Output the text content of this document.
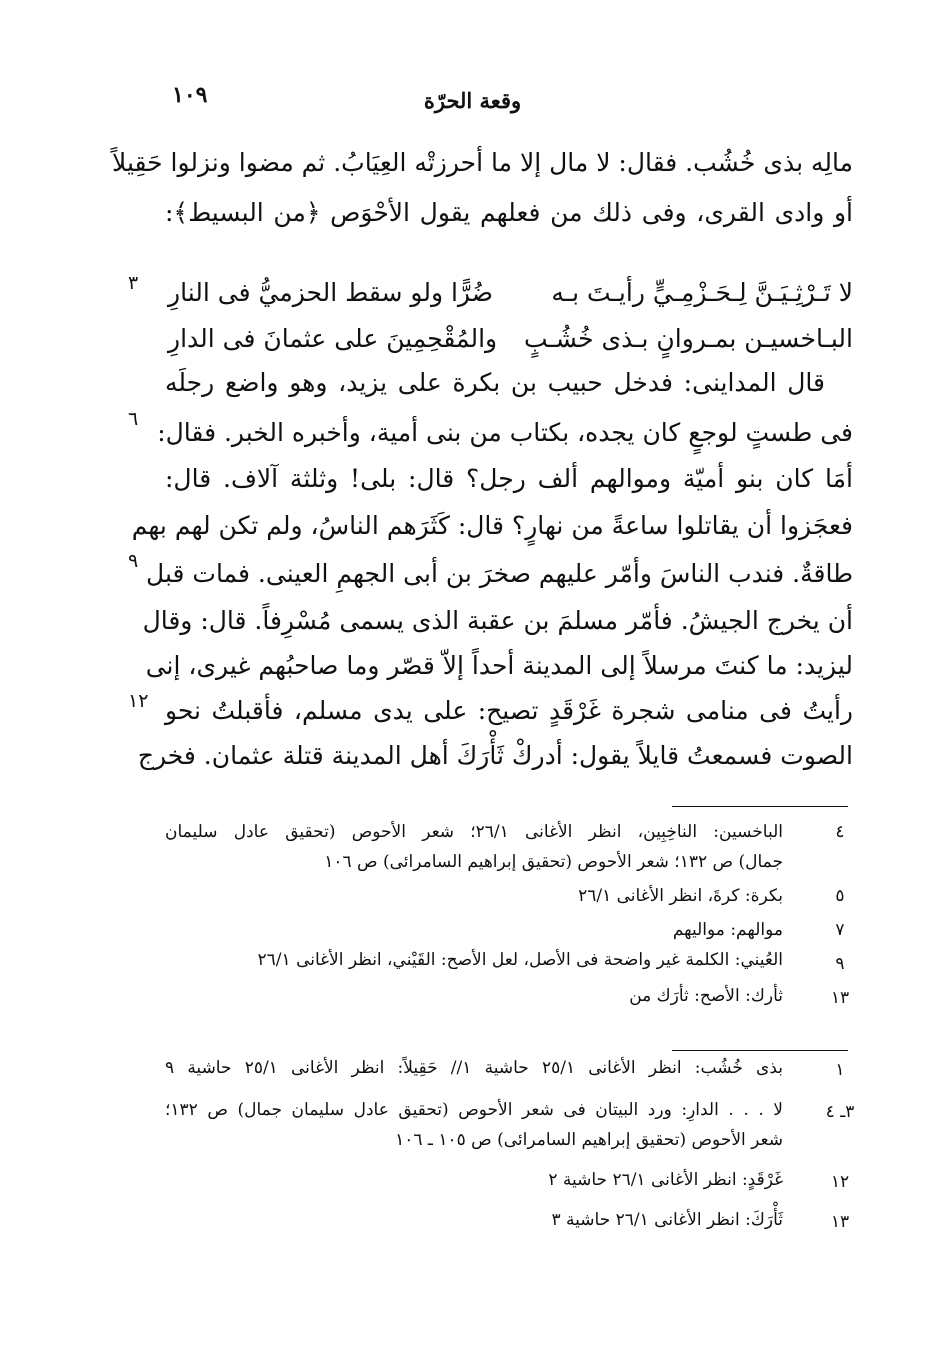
١٠٩	وقعة الحرّة
مالِه بذى خُشُب. فقال: لا مال إلا ما أحرزتْه العِيَابُ. ثم مضوا ونزلوا حَقِيلاً
أو وادى القرى، وفى ذلك من فعلهم يقول الأحْوَص ﴿من البسيط﴾:
٣	لا تَـرْثِـيَـنَّ لِـحَـزْمِـيٍّ رأيـتَ بـه
ضُرًّا ولو سقط الحزميُّ فى النارِ
البـاخسيـن بمـروانٍ بـذى خُشُـبٍ
والمُقْحِمِينَ على عثمانَ فى الدارِ
قال المداينى: فدخل حبيب بن بكرة على يزيد، وهو واضع رجلَه
٦ فى طستٍ لوجعٍ كان يجده، بكتاب من بنى أمية، وأخبره الخبر. فقال:
أمَا كان بنو أميّة وموالهم ألف رجل؟ قال: بلى! وثلثة آلاف. قال:
فعجَزوا أن يقاتلوا ساعةً من نهارٍ؟ قال: كَثَرَهم الناسُ، ولم تكن لهم بهم
٩ طاقةٌ. فندب الناسَ وأمّر عليهم صخرَ بن أبى الجهمِ العينى. فمات قبل
أن يخرج الجيشُ. فأمّر مسلمَ بن عقبة الذى يسمى مُسْرِفاً. قال: وقال
ليزيد: ما كنتَ مرسلاً إلى المدينة أحداً إلاّ قصّر وما صاحبُهم غيرى، إنى
١٢ رأيتُ فى منامى شجرة غَرْقَدٍ تصيح: على يدى مسلم، فأقبلتُ نحو
الصوت فسمعتُ قايلاً يقول: أدركْ ثَأْرَكَ أهل المدينة قتلة عثمان. فخرج
٤
الباخسين: الناخِبِين، انظر الأغانى ٢٦/١؛ شعر الأحوص (تحقيق عادل سليمان
جمال) ص ١٣٢؛ شعر الأحوص (تحقيق إبراهيم السامرائى) ص ١٠٦
٥
بكرة: كرةَ، انظر الأغانى ٢٦/١
٧
موالهم: مواليهم
٩
العُيني: الكلمة غير واضحة فى الأصل، لعل الأصح: القَيْني، انظر الأغانى ٢٦/١
١٣
ثأرك: الأصح: ثأرَك من
١
بذى خُشُب: انظر الأغانى ٢٥/١ حاشية ١// حَقِيلاً: انظر الأغانى ٢٥/١ حاشية ٩
٣ـ ٤
لا . . . الدارِ: ورد البيتان فى شعر الأحوص (تحقيق عادل سليمان جمال) ص ١٣٢؛
شعر الأحوص (تحقيق إبراهيم السامرائى) ص ١٠٥ ـ ١٠٦
١٢
غَرْقَدٍ: انظر الأغانى ٢٦/١ حاشية ٢
١٣
ثَأْرَكَ: انظر الأغانى ٢٦/١ حاشية ٣
